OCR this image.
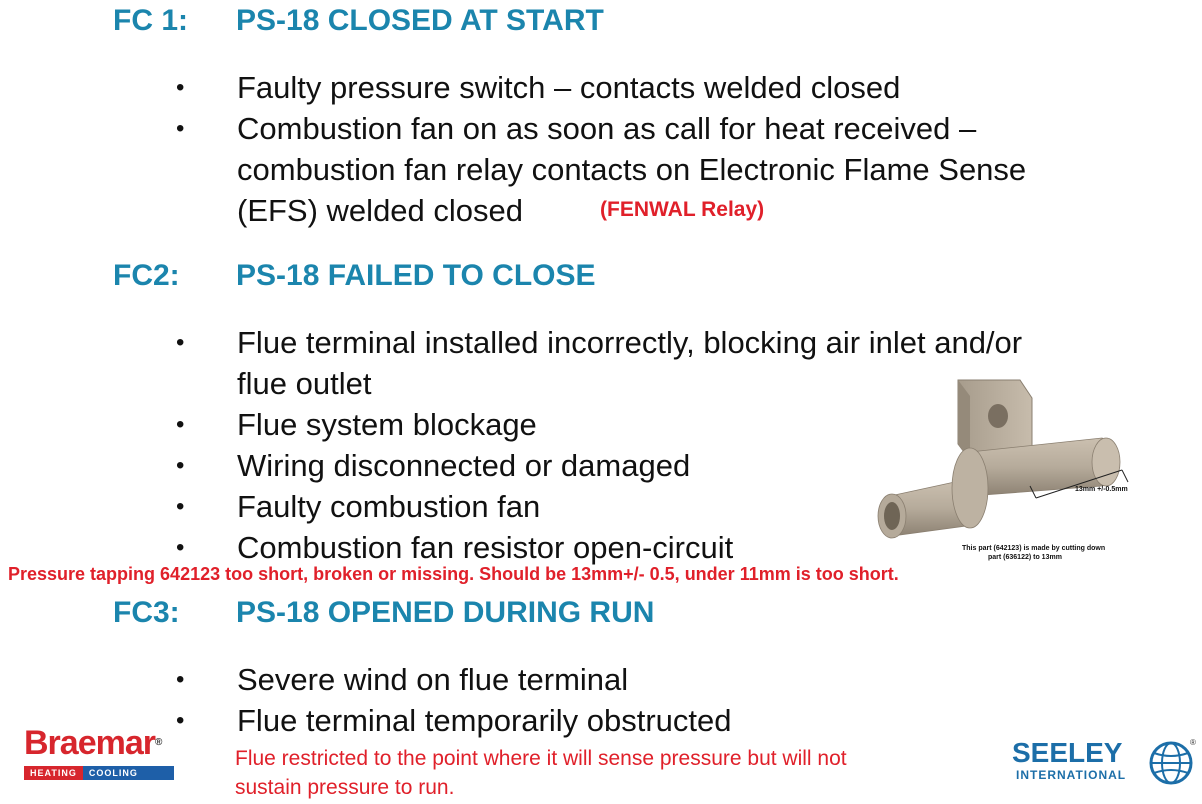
FC 1: PS-18 CLOSED AT START
• Faulty pressure switch – contacts welded closed
• Combustion fan on as soon as call for heat received –
combustion fan relay contacts on Electronic Flame Sense
(EFS) welded closed	(FENWAL Relay)
FC2: PS-18 FAILED TO CLOSE
• Flue terminal installed incorrectly, blocking air inlet and/or
flue outlet
• Flue system blockage
• Wiring disconnected or damaged
• Faulty combustion fan
• Combustion fan resistor open-circuit
13mm +/-0.5mm
This part (642123) is made by cutting down
part (636122) to 13mm
Pressure tapping 642123 too short, broken or missing. Should be 13mm+/- 0.5, under 11mm is too short.
FC3: PS-18 OPENED DURING RUN
• Severe wind on flue terminal
• Flue terminal temporarily obstructed
Flue restricted to the point where it will sense pressure but will not
sustain pressure to run.
Braemar®
HEATING	COOLING
SEELEY
INTERNATIONAL
®
